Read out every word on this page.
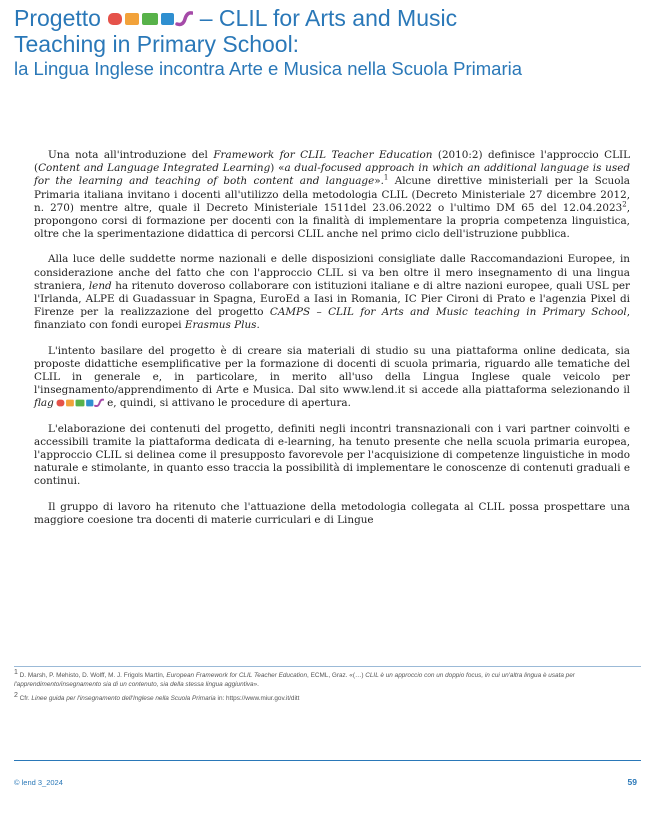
Progetto	– CLIL for Arts and Music
Teaching in Primary School:
la Lingua Inglese incontra Arte e Musica nella Scuola Primaria

Una nota all'introduzione del Framework for CLIL Teacher Education (2010:2) definisce l'approccio CLIL (Content and Language Integrated Learning) «a dual-focused approach in which an additional language is used for the learning and teaching of both content and language».$^1$ Alcune direttive ministeriali per la Scuola Primaria italiana invitano i docenti all'utilizzo della metodologia CLIL (Decreto Ministeriale 27 dicembre 2012, n. 270) mentre altre, quale il Decreto Ministeriale 1511del 23.06.2022 o l'ultimo DM 65 del 12.04.2023$^2$, propongono corsi di formazione per docenti con la finalità di implementare la propria competenza linguistica, oltre che la sperimentazione didattica di percorsi CLIL anche nel primo ciclo dell'istruzione pubblica.

Alla luce delle suddette norme nazionali e delle disposizioni consigliate dalle Raccomandazioni Europee, in considerazione anche del fatto che con l'approccio CLIL si va ben oltre il mero insegnamento di una lingua straniera, lend ha ritenuto doveroso collaborare con istituzioni italiane e di altre nazioni europee, quali USL per l'Irlanda, ALPE di Guadassuar in Spagna, EuroEd a Iasi in Romania, IC Pier Cironi di Prato e l'agenzia Pixel di Firenze per la realizzazione del progetto CAMPS – CLIL for Arts and Music teaching in Primary School, finanziato con fondi europei Erasmus Plus.

L'intento basilare del progetto è di creare sia materiali di studio su una piattaforma online dedicata, sia proposte didattiche esemplificative per la formazione di docenti di scuola primaria, riguardo alle tematiche del CLIL in generale e, in particolare, in merito all'uso della Lingua Inglese quale veicolo per l'insegnamento/apprendimento di Arte e Musica. Dal sito www.lend.it si accede alla piattaforma selezionando il flag	e, quindi, si attivano le procedure di apertura.

L'elaborazione dei contenuti del progetto, definiti negli incontri transnazionali con i vari partner coinvolti e accessibili tramite la piattaforma dedicata di e-learning, ha tenuto presente che nella scuola primaria europea, l'approccio CLIL si delinea come il presupposto favorevole per l'acquisizione di competenze linguistiche in modo naturale e stimolante, in quanto esso traccia la possibilità di implementare le conoscenze di contenuti graduali e continui.

Il gruppo di lavoro ha ritenuto che l'attuazione della metodologia collegata al CLIL possa prospettare una maggiore coesione tra docenti di materie curriculari e di Lingue

$^1$ D. Marsh, P. Mehisto, D. Wolff, M. J. Frigols Martín, European Framework for CLIL Teacher Education, ECML, Graz. «(…) CLIL è un approccio con un doppio focus, in cui un'altra lingua è usata per l'apprendimento/insegnamento sia di un contenuto, sia della stessa lingua aggiuntiva».

$^2$ Cfr. Linee guida per l'insegnamento dell'Inglese nella Scuola Primaria in: https://www.miur.gov.it/ditt

© lend 3_2024	59
